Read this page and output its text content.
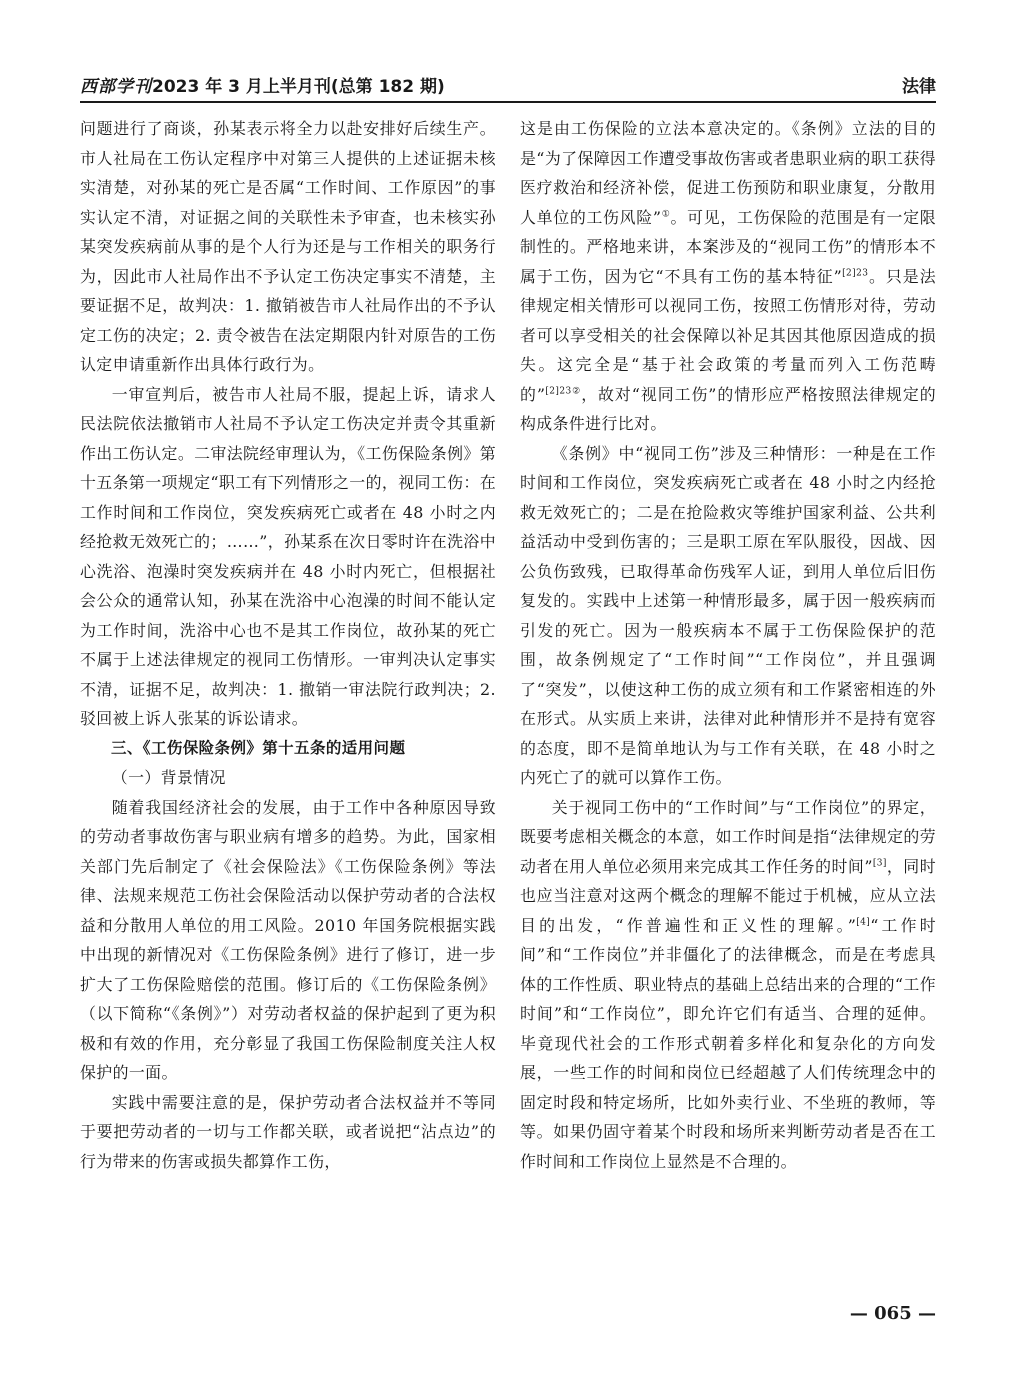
西部学刊2023 年 3 月上半月刊(总第 182 期)	法律

问题进行了商谈，孙某表示将全力以赴安排好后续生产。市人社局在工伤认定程序中对第三人提供的上述证据未核实清楚，对孙某的死亡是否属“工作时间、工作原因”的事实认定不清，对证据之间的关联性未予审查，也未核实孙某突发疾病前从事的是个人行为还是与工作相关的职务行为，因此市人社局作出不予认定工伤决定事实不清楚，主要证据不足，故判决：1. 撤销被告市人社局作出的不予认定工伤的决定；2. 责令被告在法定期限内针对原告的工伤认定申请重新作出具体行政行为。

一审宣判后，被告市人社局不服，提起上诉，请求人民法院依法撤销市人社局不予认定工伤决定并责令其重新作出工伤认定。二审法院经审理认为，《工伤保险条例》第十五条第一项规定“职工有下列情形之一的，视同工伤：在工作时间和工作岗位，突发疾病死亡或者在 48 小时之内经抢救无效死亡的；……”，孙某系在次日零时许在洗浴中心洗浴、泡澡时突发疾病并在 48 小时内死亡，但根据社会公众的通常认知，孙某在洗浴中心泡澡的时间不能认定为工作时间，洗浴中心也不是其工作岗位，故孙某的死亡不属于上述法律规定的视同工伤情形。一审判决认定事实不清，证据不足，故判决：1. 撤销一审法院行政判决；2. 驳回被上诉人张某的诉讼请求。

三、《工伤保险条例》第十五条的适用问题

（一）背景情况

随着我国经济社会的发展，由于工作中各种原因导致的劳动者事故伤害与职业病有增多的趋势。为此，国家相关部门先后制定了《社会保险法》《工伤保险条例》等法律、法规来规范工伤社会保险活动以保护劳动者的合法权益和分散用人单位的用工风险。2010 年国务院根据实践中出现的新情况对《工伤保险条例》进行了修订，进一步扩大了工伤保险赔偿的范围。修订后的《工伤保险条例》（以下简称“《条例》”）对劳动者权益的保护起到了更为积极和有效的作用，充分彰显了我国工伤保险制度关注人权保护的一面。

实践中需要注意的是，保护劳动者合法权益并不等同于要把劳动者的一切与工作都关联，或者说把“沾点边”的行为带来的伤害或损失都算作工伤，

这是由工伤保险的立法本意决定的。《条例》立法的目的是“为了保障因工作遭受事故伤害或者患职业病的职工获得医疗救治和经济补偿，促进工伤预防和职业康复，分散用人单位的工伤风险”①。可见，工伤保险的范围是有一定限制性的。严格地来讲，本案涉及的“视同工伤”的情形本不属于工伤，因为它“不具有工伤的基本特征”$^{[2]23}$。只是法律规定相关情形可以视同工伤，按照工伤情形对待，劳动者可以享受相关的社会保障以补足其因其他原因造成的损失。这完全是“基于社会政策的考量而列入工伤范畴的”$^{[2]23②}$，故对“视同工伤”的情形应严格按照法律规定的构成条件进行比对。

《条例》中“视同工伤”涉及三种情形：一种是在工作时间和工作岗位，突发疾病死亡或者在 48 小时之内经抢救无效死亡的；二是在抢险救灾等维护国家利益、公共利益活动中受到伤害的；三是职工原在军队服役，因战、因公负伤致残，已取得革命伤残军人证，到用人单位后旧伤复发的。实践中上述第一种情形最多，属于因一般疾病而引发的死亡。因为一般疾病本不属于工伤保险保护的范围，故条例规定了“工作时间”“工作岗位”，并且强调了“突发”，以使这种工伤的成立须有和工作紧密相连的外在形式。从实质上来讲，法律对此种情形并不是持有宽容的态度，即不是简单地认为与工作有关联，在 48 小时之内死亡了的就可以算作工伤。

关于视同工伤中的“工作时间”与“工作岗位”的界定，既要考虑相关概念的本意，如工作时间是指“法律规定的劳动者在用人单位必须用来完成其工作任务的时间”[3]，同时也应当注意对这两个概念的理解不能过于机械，应从立法目的出发，“作普遍性和正义性的理解。”[4]“工作时间”和“工作岗位”并非僵化了的法律概念，而是在考虑具体的工作性质、职业特点的基础上总结出来的合理的“工作时间”和“工作岗位”，即允许它们有适当、合理的延伸。毕竟现代社会的工作形式朝着多样化和复杂化的方向发展，一些工作的时间和岗位已经超越了人们传统理念中的固定时段和特定场所，比如外卖行业、不坐班的教师，等等。如果仍固守着某个时段和场所来判断劳动者是否在工作时间和工作岗位上显然是不合理的。

— 065 —
